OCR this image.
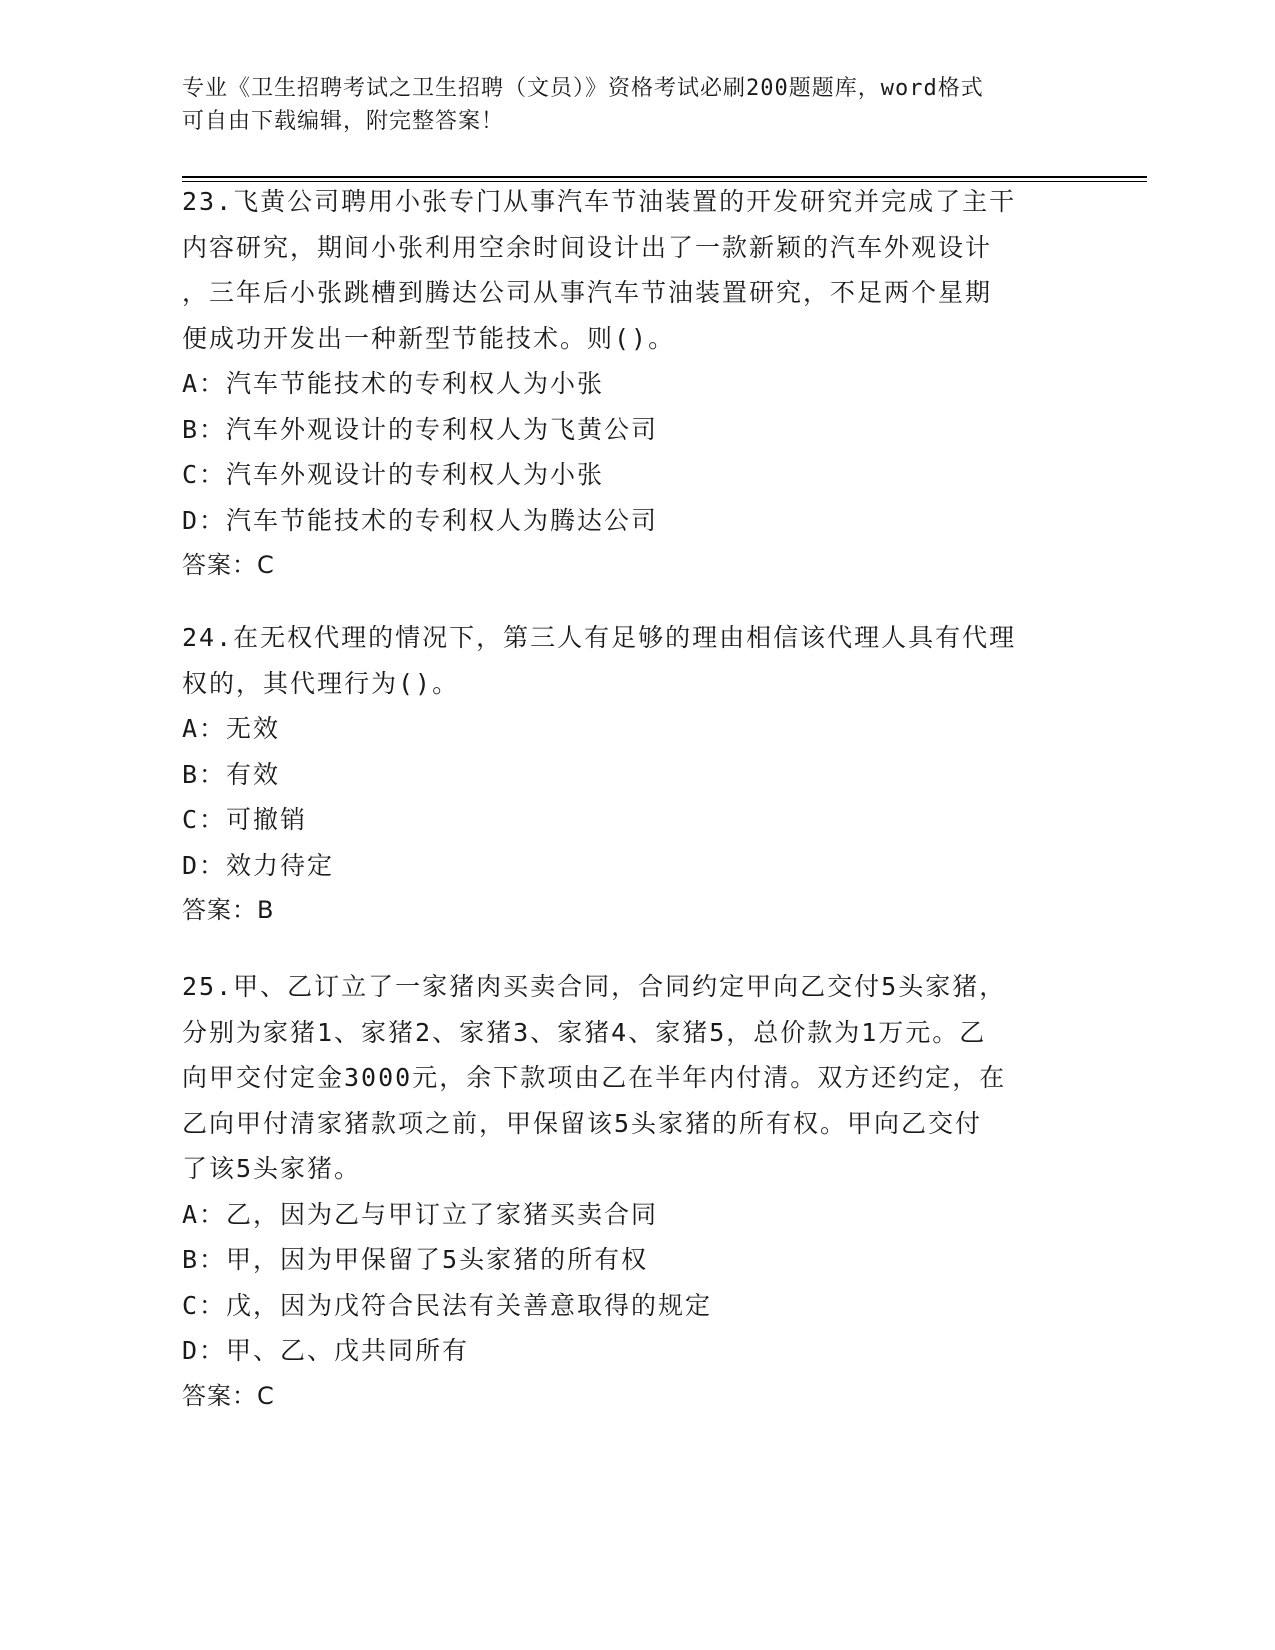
专业《卫生招聘考试之卫生招聘（文员）》资格考试必刷200题题库，word格式
可自由下载编辑，附完整答案！
23.飞黄公司聘用小张专门从事汽车节油装置的开发研究并完成了主干
内容研究，期间小张利用空余时间设计出了一款新颖的汽车外观设计
，三年后小张跳槽到腾达公司从事汽车节油装置研究，不足两个星期
便成功开发出一种新型节能技术。则()。
A：汽车节能技术的专利权人为小张
B：汽车外观设计的专利权人为飞黄公司
C：汽车外观设计的专利权人为小张
D：汽车节能技术的专利权人为腾达公司
答案：C
24.在无权代理的情况下，第三人有足够的理由相信该代理人具有代理
权的，其代理行为()。
A：无效
B：有效
C：可撤销
D：效力待定
答案：B
25.甲、乙订立了一家猪肉买卖合同，合同约定甲向乙交付5头家猪，
分别为家猪1、家猪2、家猪3、家猪4、家猪5，总价款为1万元。乙
向甲交付定金3000元，余下款项由乙在半年内付清。双方还约定，在
乙向甲付清家猪款项之前，甲保留该5头家猪的所有权。甲向乙交付
了该5头家猪。
A：乙，因为乙与甲订立了家猪买卖合同
B：甲，因为甲保留了5头家猪的所有权
C：戊，因为戊符合民法有关善意取得的规定
D：甲、乙、戊共同所有
答案：C
